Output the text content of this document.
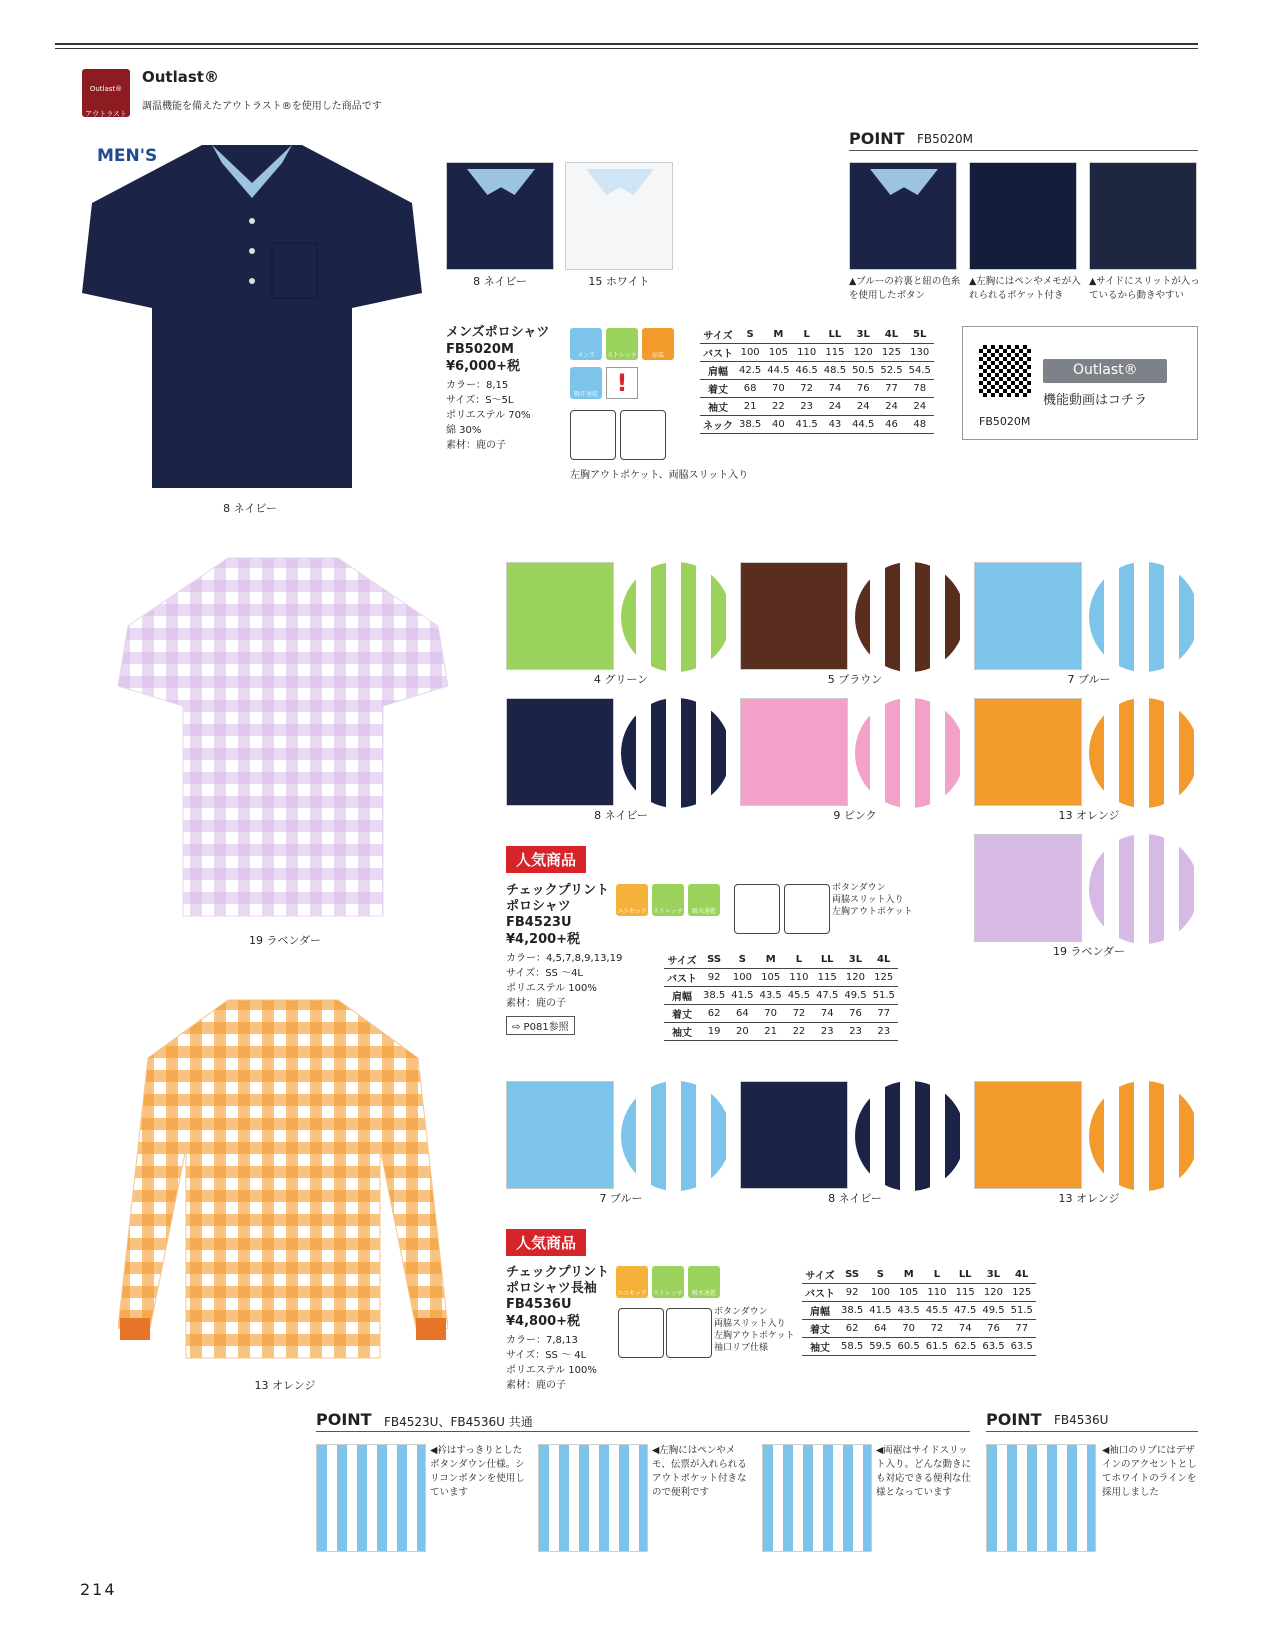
Outlast®
アウトラスト®
Outlast®
調温機能を備えたアウトラスト®を使用した商品です
MEN'S
8 ネイビー
8 ネイビー	15 ホワイト
POINT FB5020M
▲ブルーの衿裏と紐の色糸を使用したボタン
▲左胸にはペンやメモが入れられるポケット付き
▲サイドにスリットが入っているから動きやすい
メンズポロシャツ
FB5020M
¥6,000+税
カラー：8,15
サイズ：S〜5L
ポリエステル 70%
綿 30%
素材：鹿の子
メンズ	ストレッチ	涼温
吸汗速乾 !
左胸アウトポケット、両脇スリット入り
サイズ	S	M	L	LL	3L	4L	5L
バスト	100	105	110	115	120	125	130
肩幅	42.5	44.5	46.5	48.5	50.5	52.5	54.5
着丈	68	70	72	74	76	77	78
袖丈	21	22	23	24	24	24	24
ネック	38.5	40	41.5	43	44.5	46	48
Outlast®
機能動画はコチラ
FB5020M
19 ラベンダー
4 グリーン	5 ブラウン	7 ブルー
8 ネイビー	9 ピンク	13 オレンジ
19 ラベンダー
人気商品
チェックプリント
ポロシャツ
FB4523U
¥4,200+税
カラー：4,5,7,8,9,13,19
サイズ：SS 〜4L
ポリエステル 100%
素材：鹿の子
⇨ P081参照
ユニセックス
ストレッチ	吸水速乾
ボタンダウン
両脇スリット入り
左胸アウトポケット
サイズ	SS	S	M	L	LL	3L	4L
バスト	92	100	105	110	115	120	125
肩幅	38.5	41.5	43.5	45.5	47.5	49.5	51.5
着丈	62	64	70	72	74	76	77
袖丈	19	20	21	22	23	23	23
13 オレンジ
7 ブルー	8 ネイビー	13 オレンジ
人気商品
チェックプリント
ポロシャツ長袖
FB4536U
¥4,800+税
カラー：7,8,13
サイズ：SS 〜 4L
ポリエステル 100%
素材：鹿の子
ユニセックス
ストレッチ	吸水速乾
ボタンダウン
両脇スリット入り
左胸アウトポケット
袖口リブ仕様
サイズ	SS	S	M	L	LL	3L	4L
バスト	92	100	105	110	115	120	125
肩幅	38.5	41.5	43.5	45.5	47.5	49.5	51.5
着丈	62	64	70	72	74	76	77
袖丈	58.5	59.5	60.5	61.5	62.5	63.5	63.5
POINT FB4523U、FB4536U 共通	POINT FB4536U
◀衿はすっきりとしたボタンダウン仕様。シリコンボタンを使用しています
◀左胸にはペンやメモ、伝票が入れられるアウトポケット付きなので便利です
◀両裾はサイドスリット入り。どんな動きにも対応できる便利な仕様となっています
◀袖口のリブにはデザインのアクセントとしてホワイトのラインを採用しました
214
